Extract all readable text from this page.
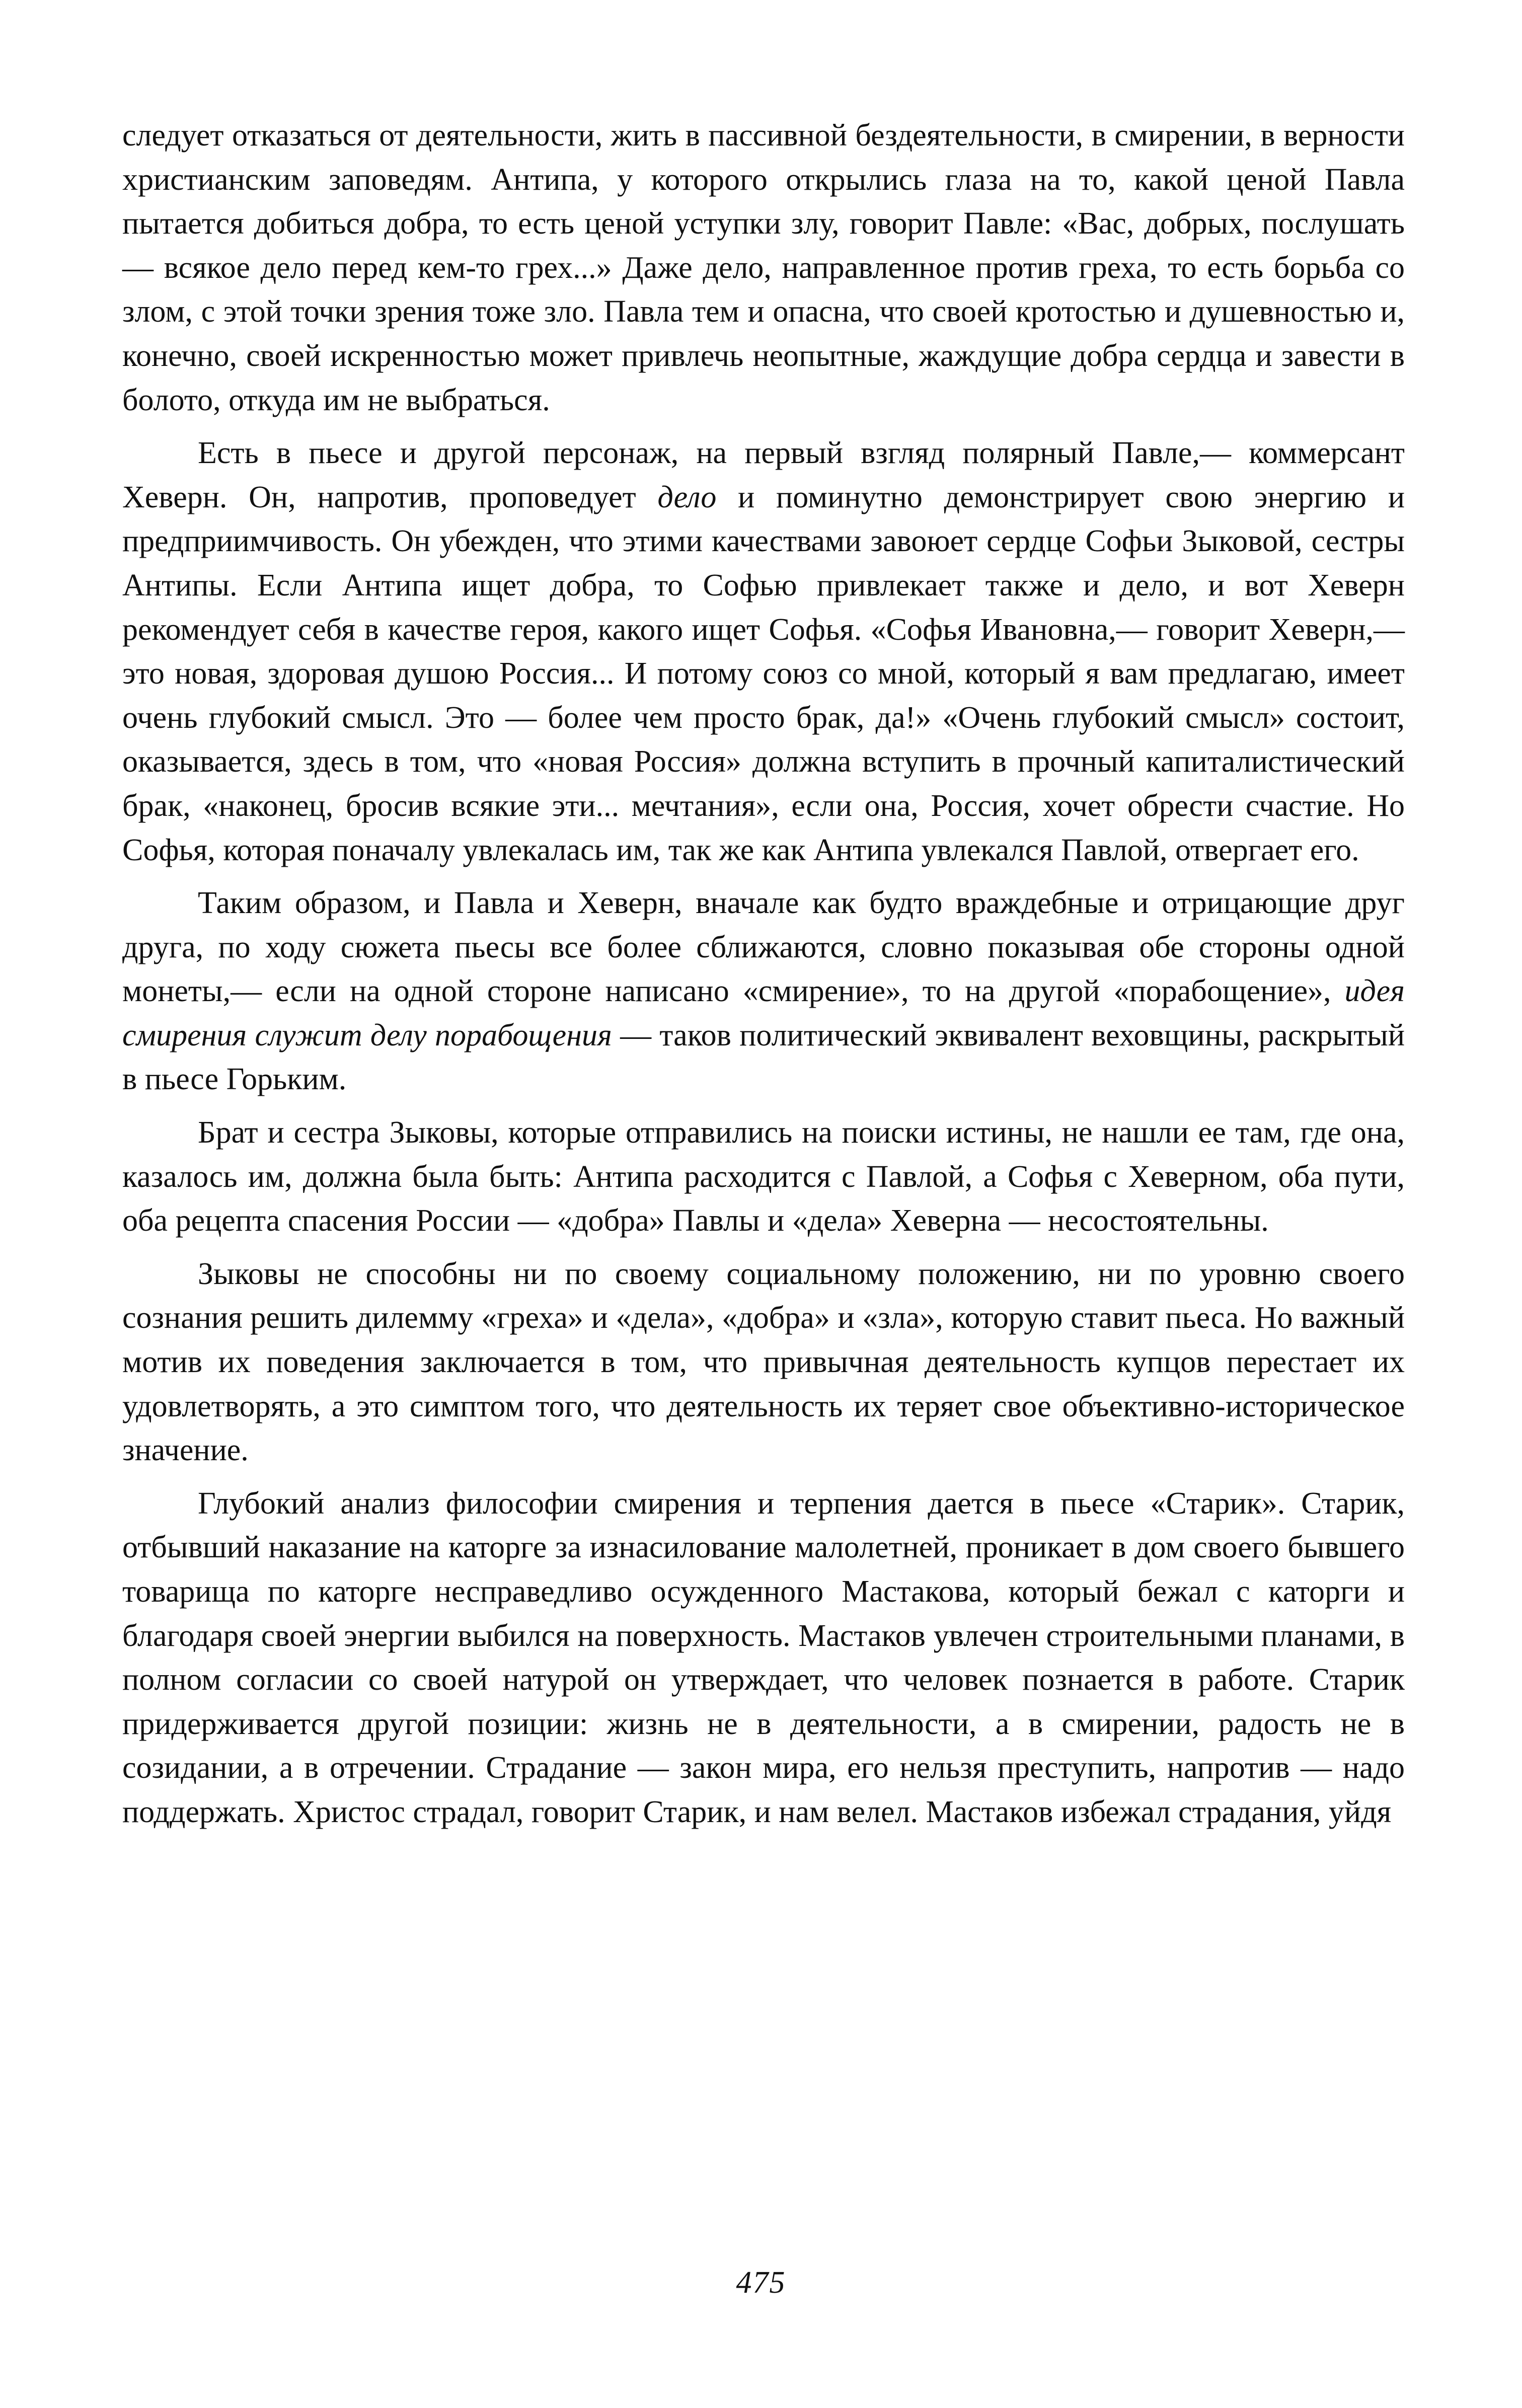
следует отказаться от деятельности, жить в пассивной бездеятельности, в смирении, в верности христианским заповедям. Антипа, у которого открылись глаза на то, какой ценой Павла пытается добиться добра, то есть ценой уступки злу, говорит Павле: «Вас, добрых, послушать — всякое дело перед кем-то грех...» Даже дело, направленное против греха, то есть борьба со злом, с этой точки зрения тоже зло. Павла тем и опасна, что своей кротостью и душевностью и, конечно, своей искренностью может привлечь неопытные, жаждущие добра сердца и завести в болото, откуда им не выбраться.

Есть в пьесе и другой персонаж, на первый взгляд полярный Павле,— коммерсант Хеверн. Он, напротив, проповедует дело и поминутно демонстрирует свою энергию и предприимчивость. Он убежден, что этими качествами завоюет сердце Софьи Зыковой, сестры Антипы. Если Антипа ищет добра, то Софью привлекает также и дело, и вот Хеверн рекомендует себя в качестве героя, какого ищет Софья. «Софья Ивановна,— говорит Хеверн,— это новая, здоровая душою Россия... И потому союз со мной, который я вам предлагаю, имеет очень глубокий смысл. Это — более чем просто брак, да!» «Очень глубокий смысл» состоит, оказывается, здесь в том, что «новая Россия» должна вступить в прочный капиталистический брак, «наконец, бросив всякие эти... мечтания», если она, Россия, хочет обрести счастие. Но Софья, которая поначалу увлекалась им, так же как Антипа увлекался Павлой, отвергает его.

Таким образом, и Павла и Хеверн, вначале как будто враждебные и отрицающие друг друга, по ходу сюжета пьесы все более сближаются, словно показывая обе стороны одной монеты,— если на одной стороне написано «смирение», то на другой «порабощение», идея смирения служит делу порабощения — таков политический эквивалент веховщины, раскрытый в пьесе Горьким.

Брат и сестра Зыковы, которые отправились на поиски истины, не нашли ее там, где она, казалось им, должна была быть: Антипа расходится с Павлой, а Софья с Хеверном, оба пути, оба рецепта спасения России — «добра» Павлы и «дела» Хеверна — несостоятельны.

Зыковы не способны ни по своему социальному положению, ни по уровню своего сознания решить дилемму «греха» и «дела», «добра» и «зла», которую ставит пьеса. Но важный мотив их поведения заключается в том, что привычная деятельность купцов перестает их удовлетворять, а это симптом того, что деятельность их теряет свое объективно-историческое значение.

Глубокий анализ философии смирения и терпения дается в пьесе «Старик». Старик, отбывший наказание на каторге за изнасилование малолетней, проникает в дом своего бывшего товарища по каторге несправедливо осужденного Мастакова, который бежал с каторги и благодаря своей энергии выбился на поверхность. Мастаков увлечен строительными планами, в полном согласии со своей натурой он утверждает, что человек познается в работе. Старик придерживается другой позиции: жизнь не в деятельности, а в смирении, радость не в созидании, а в отречении. Страдание — закон мира, его нельзя преступить, напротив — надо поддержать. Христос страдал, говорит Старик, и нам велел. Мастаков избежал страдания, уйдя

475
